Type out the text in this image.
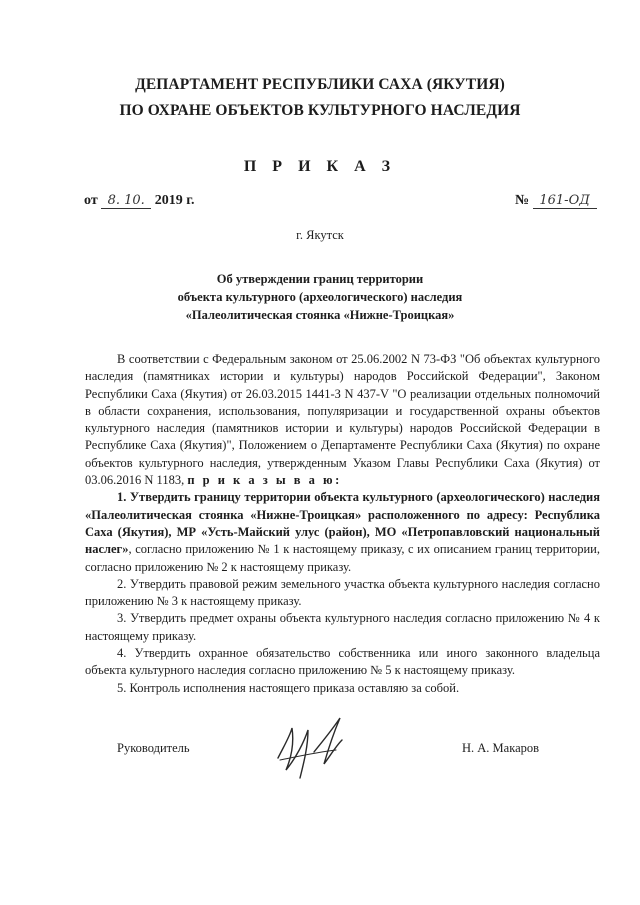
ДЕПАРТАМЕНТ РЕСПУБЛИКИ САХА (ЯКУТИЯ)
ПО ОХРАНЕ ОБЪЕКТОВ КУЛЬТУРНОГО НАСЛЕДИЯ
П Р И К А З
от 8. 10. 2019 г.	№ 161-ОД
г. Якутск
Об утверждении границ территории
объекта культурного (археологического) наследия
«Палеолитическая стоянка «Нижне-Троицкая»

В соответствии с Федеральным законом от 25.06.2002 N 73-ФЗ "Об объектах культурного наследия (памятниках истории и культуры) народов Российской Федерации", Законом Республики Саха (Якутия) от 26.03.2015 1441-З N 437-V "О реализации отдельных полномочий в области сохранения, использования, популяризации и государственной охраны объектов культурного наследия (памятников истории и культуры) народов Российской Федерации в Республике Саха (Якутия)", Положением о Департаменте Республики Саха (Якутия) по охране объектов культурного наследия, утвержденным Указом Главы Республики Саха (Якутия) от 03.06.2016 N 1183, п р и к а з ы в а ю:

1. Утвердить границу территории объекта культурного (археологического) наследия «Палеолитическая стоянка «Нижне-Троицкая» расположенного по адресу: Республика Саха (Якутия), МР «Усть-Майский улус (район), МО «Петропавловский национальный наслег», согласно приложению № 1 к настоящему приказу, с их описанием границ территории, согласно приложению № 2 к настоящему приказу.

2. Утвердить правовой режим земельного участка объекта культурного наследия согласно приложению № 3 к настоящему приказу.

3. Утвердить предмет охраны объекта культурного наследия согласно приложению № 4 к настоящему приказу.

4. Утвердить охранное обязательство собственника или иного законного владельца объекта культурного наследия согласно приложению № 5 к настоящему приказу.

5. Контроль исполнения настоящего приказа оставляю за собой.

Руководитель	Н. А. Макаров
